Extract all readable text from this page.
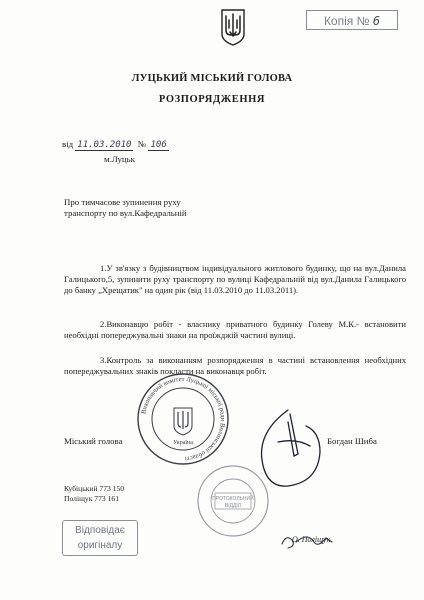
Копія № 6
ЛУЦЬКИЙ МІСЬКИЙ ГОЛОВА
РОЗПОРЯДЖЕННЯ
від 11.03.2010 № 106
м.Луцьк
Про тимчасове зупинення руху
транспорту по вул.Кафедральній
1.У зв'язку з будівництвом індивідуального житлового будинку, що на вул.Данила Галицького,5, зупинити руху транспорту по вулиці Кафедральній від вул.Данила Галицького до банку „Хрещатик" на один рік (від 11.03.2010 до 11.03.2011).
2.Виконавцю робіт - власнику приватного будинку Голеву М.К.- встановити необхідні попереджувальні знаки на проїжджій частині вулиці.
3.Контроль за виконанням розпорядження в частині встановлення необхідних попереджувальних знаків покласти на виконавця робіт.
Міський голова	Богдан Шиба
Кубіцький 773 150
Поліщук 773 161
Виконавчий комітет Луцької міської ради Волинської області
Україна
ПРОТОКОЛЬНИЙ
ВІДДІЛ
О. Поліщук
Відповідає
оригіналу
